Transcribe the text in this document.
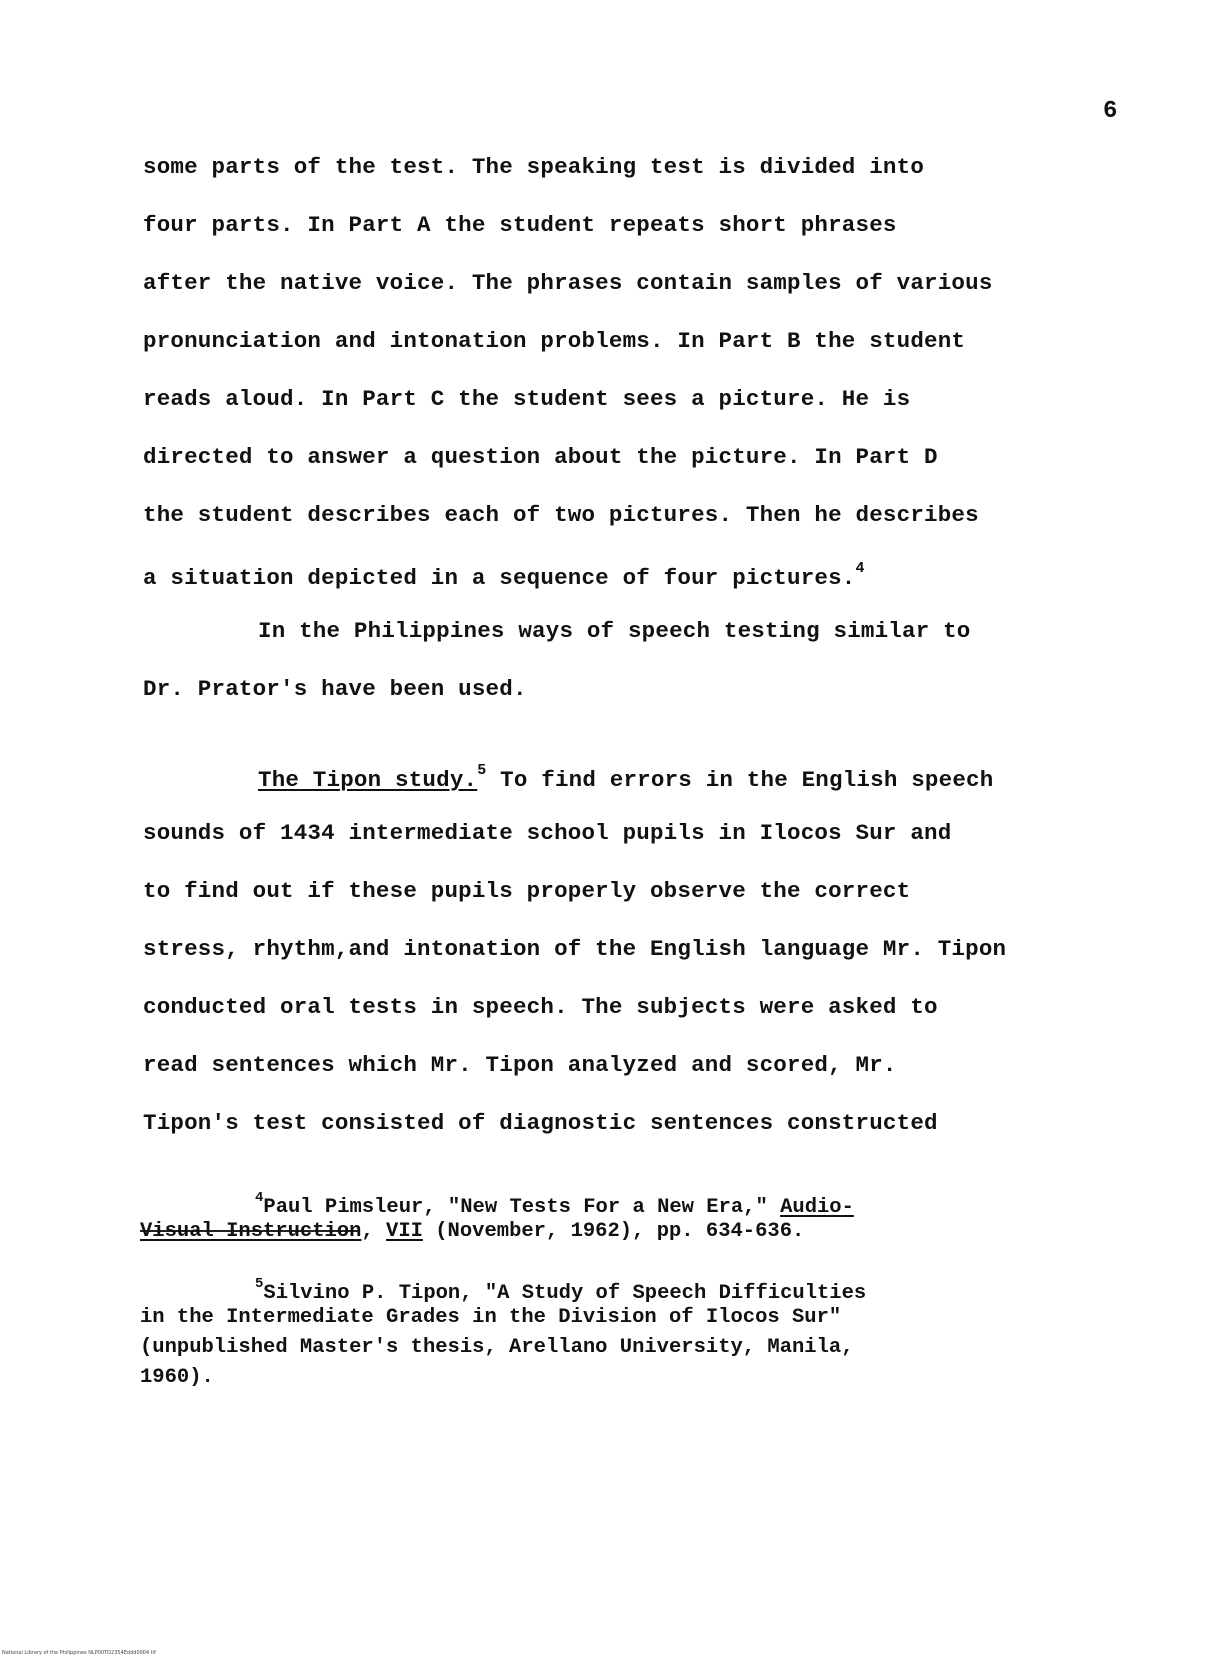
6
some parts of the test. The speaking test is divided into
four parts. In Part A the student repeats short phrases
after the native voice. The phrases contain samples of various
pronunciation and intonation problems. In Part B the student
reads aloud. In Part C the student sees a picture. He is
directed to answer a question about the picture. In Part D
the student describes each of two pictures. Then he describes
a situation depicted in a sequence of four pictures.$^4$
In the Philippines ways of speech testing similar to
Dr. Prator's have been used.
The Tipon study.$^5$ To find errors in the English speech
sounds of 1434 intermediate school pupils in Ilocos Sur and
to find out if these pupils properly observe the correct
stress, rhythm,and intonation of the English language Mr. Tipon
conducted oral tests in speech. The subjects were asked to
read sentences which Mr. Tipon analyzed and scored, Mr.
Tipon's test consisted of diagnostic sentences constructed
$^4$Paul Pimsleur, "New Tests For a New Era," Audio-
Visual Instruction, VII (November, 1962), pp. 634-636.
$^5$Silvino P. Tipon, "A Study of Speech Difficulties
in the Intermediate Grades in the Division of Ilocos Sur"
(unpublished Master's thesis, Arellano University, Manila,
1960).
National Library of the Philippines NLP00TD2354Eddd0004 tif
